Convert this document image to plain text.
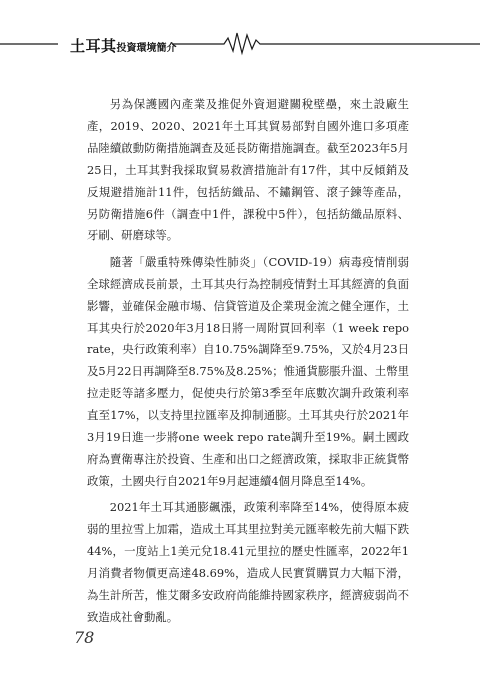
土耳其投資環境簡介

另為保護國內產業及推促外資迴避關稅壁壘，來土設廠生產，2019、2020、2021年土耳其貿易部對自國外進口多項產品陸續啟動防衛措施調查及延長防衛措施調查。截至2023年5月25日，土耳其對我採取貿易救濟措施計有17件，其中反傾銷及反規避措施計11件，包括紡織品、不鏽鋼管、滾子鍊等產品，另防衛措施6件（調查中1件，課稅中5件），包括紡織品原料、牙刷、研磨球等。

隨著「嚴重特殊傳染性肺炎」（COVID-19）病毒疫情削弱全球經濟成長前景，土耳其央行為控制疫情對土耳其經濟的負面影響，並確保金融市場、信貸管道及企業現金流之健全運作，土耳其央行於2020年3月18日將一周附買回利率（1 week repo rate，央行政策利率）自10.75%調降至9.75%，又於4月23日及5月22日再調降至8.75%及8.25%；惟通貨膨脹升溫、土幣里拉走貶等諸多壓力，促使央行於第3季至年底數次調升政策利率直至17%，以支持里拉匯率及抑制通膨。土耳其央行於2021年3月19日進一步將one week repo rate調升至19%。嗣土國政府為賣衛專注於投資、生產和出口之經濟政策，採取非正統貨幣政策，土國央行自2021年9月起連續4個月降息至14%。

2021年土耳其通膨飆漲，政策利率降至14%，使得原本疲弱的里拉雪上加霜，造成土耳其里拉對美元匯率較先前大幅下跌44%，一度站上1美元兌18.41元里拉的歷史性匯率，2022年1月消費者物價更高達48.69%，造成人民實質購買力大幅下滑，為生計所苦，惟艾爾多安政府尚能維持國家秩序，經濟疲弱尚不致造成社會動亂。

78
